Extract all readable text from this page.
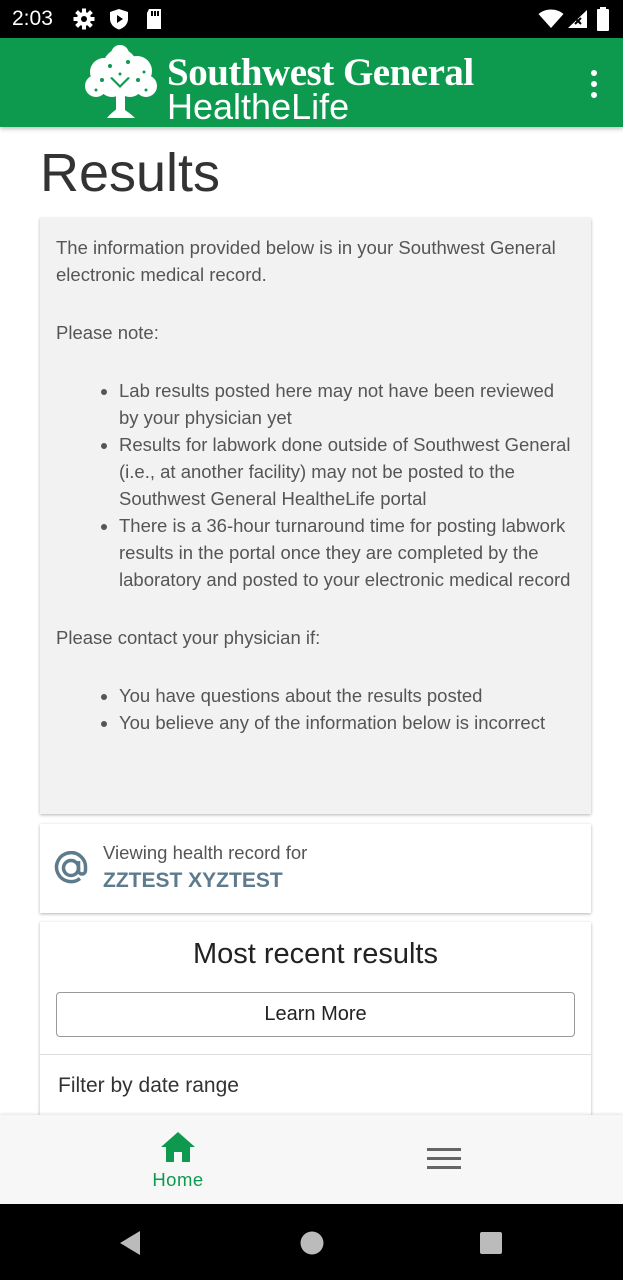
2:03
Southwest General
HealtheLife
Results

The information provided below is in your Southwest General electronic medical record.

Please note:

• Lab results posted here may not have been reviewed by your physician yet
• Results for labwork done outside of Southwest General (i.e., at another facility) may not be posted to the Southwest General HealtheLife portal
• There is a 36-hour turnaround time for posting labwork results in the portal once they are completed by the laboratory and posted to your electronic medical record

Please contact your physician if:

• You have questions about the results posted
• You believe any of the information below is incorrect
Viewing health record for
ZZTEST XYZTEST
Most recent results
Learn More
Filter by date range
Home
